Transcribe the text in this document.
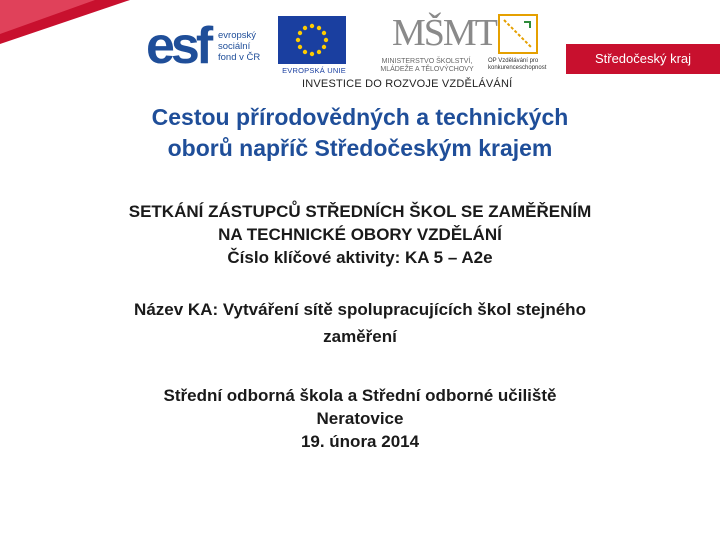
esf evropský
sociální
fond v ČR
EVROPSKÁ UNIE
MŠMT
MINISTERSTVO ŠKOLSTVÍ, MLÁDEŽE A TĚLOVÝCHOVY
OP Vzdělávání pro konkurenceschopnost
Středočeský kraj
INVESTICE DO ROZVOJE VZDĚLÁVÁNÍ
Cestou přírodovědných a technických
oborů napříč Středočeským krajem
SETKÁNÍ ZÁSTUPCŮ STŘEDNÍCH ŠKOL SE ZAMĚŘENÍM
NA TECHNICKÉ OBORY VZDĚLÁNÍ
Číslo klíčové aktivity: KA 5 – A2e
Název KA: Vytváření sítě spolupracujících škol stejného
zaměření
Střední odborná škola a Střední odborné učiliště
Neratovice
19. února 2014
